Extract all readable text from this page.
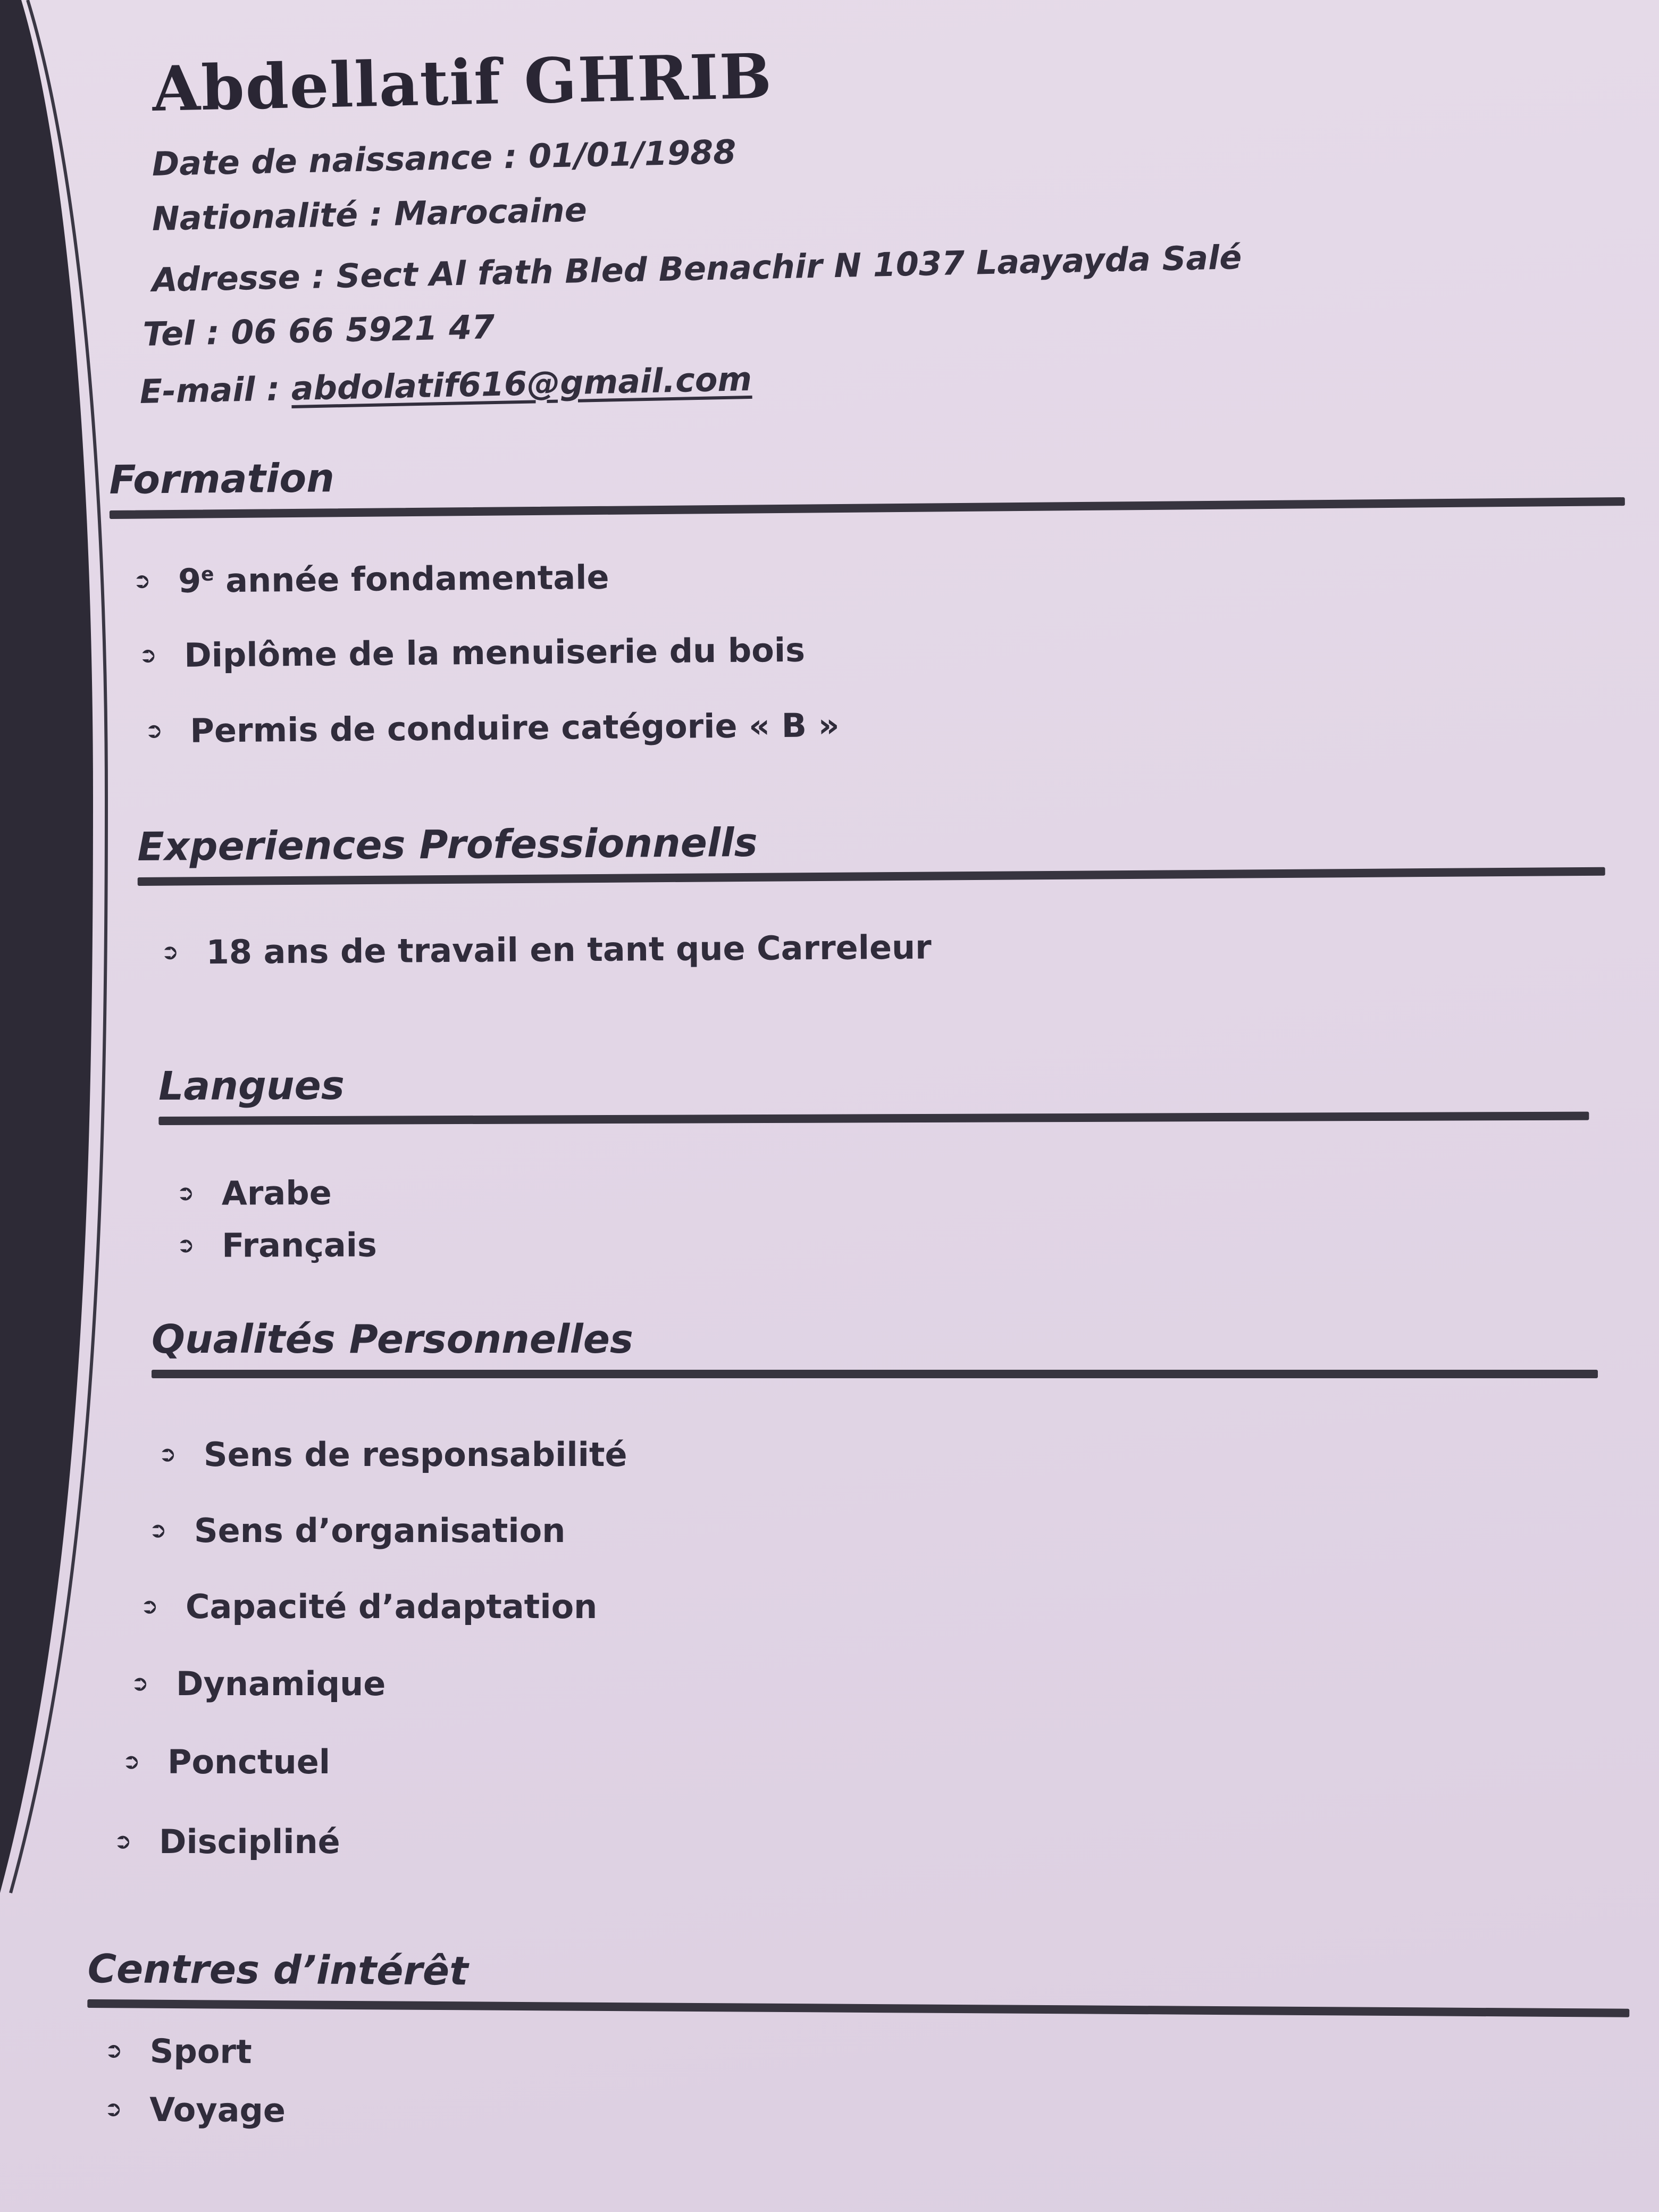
Abdellatif GHRIB

Date de naissance : 01/01/1988

Nationalité : Marocaine

Adresse : Sect Al fath Bled Benachir N 1037 Laayayda Salé

Tel : 06 66 5921 47

E-mail : abdolatif616@gmail.com

Formation
➲ 9e année fondamentale
➲ Diplôme de la menuiserie du bois
➲ Permis de conduire catégorie « B »
Experiences Professionnells
➲ 18 ans de travail en tant que Carreleur
Langues
➲ Arabe
➲ Français
Qualités Personnelles
➲ Sens de responsabilité
➲ Sens d’organisation
➲ Capacité d’adaptation
➲ Dynamique
➲ Ponctuel
➲ Discipliné
Centres d’intérêt
➲ Sport
➲ Voyage
